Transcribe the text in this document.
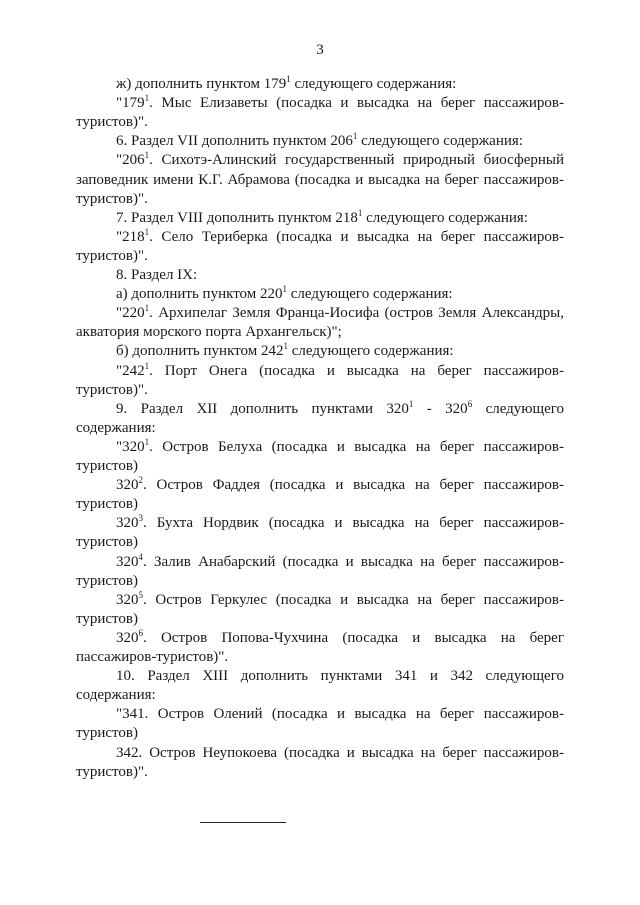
3
ж) дополнить пунктом $179^1$ следующего содержания:
"$179^1$. Мыс Елизаветы (посадка и высадка на берег пассажиров-
туристов)".
6. Раздел VII дополнить пунктом $206^1$ следующего содержания:
"$206^1$. Сихотэ-Алинский государственный природный биосферный
заповедник имени К.Г. Абрамова (посадка и высадка на берег пассажиров-
туристов)".
7. Раздел VIII дополнить пунктом $218^1$ следующего содержания:
"$218^1$. Село Териберка (посадка и высадка на берег пассажиров-
туристов)".
8. Раздел IX:
а) дополнить пунктом $220^1$ следующего содержания:
"$220^1$. Архипелаг Земля Франца-Иосифа (остров Земля Александры,
акватория морского порта Архангельск)";
б) дополнить пунктом $242^1$ следующего содержания:
"$242^1$. Порт Онега (посадка и высадка на берег пассажиров-
туристов)".
9. Раздел XII дополнить пунктами $320^1 - 320^6$ следующего
содержания:
"$320^1$. Остров Белуха (посадка и высадка на берег пассажиров-
туристов)
$320^2$. Остров Фаддея (посадка и высадка на берег пассажиров-
туристов)
$320^3$. Бухта Нордвик (посадка и высадка на берег пассажиров-
туристов)
$320^4$. Залив Анабарский (посадка и высадка на берег пассажиров-
туристов)
$320^5$. Остров Геркулес (посадка и высадка на берег пассажиров-
туристов)
$320^6$. Остров Попова-Чухчина (посадка и высадка на берег
пассажиров-туристов)".
10. Раздел XIII дополнить пунктами 341 и 342 следующего
содержания:
"341. Остров Олений (посадка и высадка на берег пассажиров-
туристов)
342. Остров Неупокоева (посадка и высадка на берег пассажиров-
туристов)".
